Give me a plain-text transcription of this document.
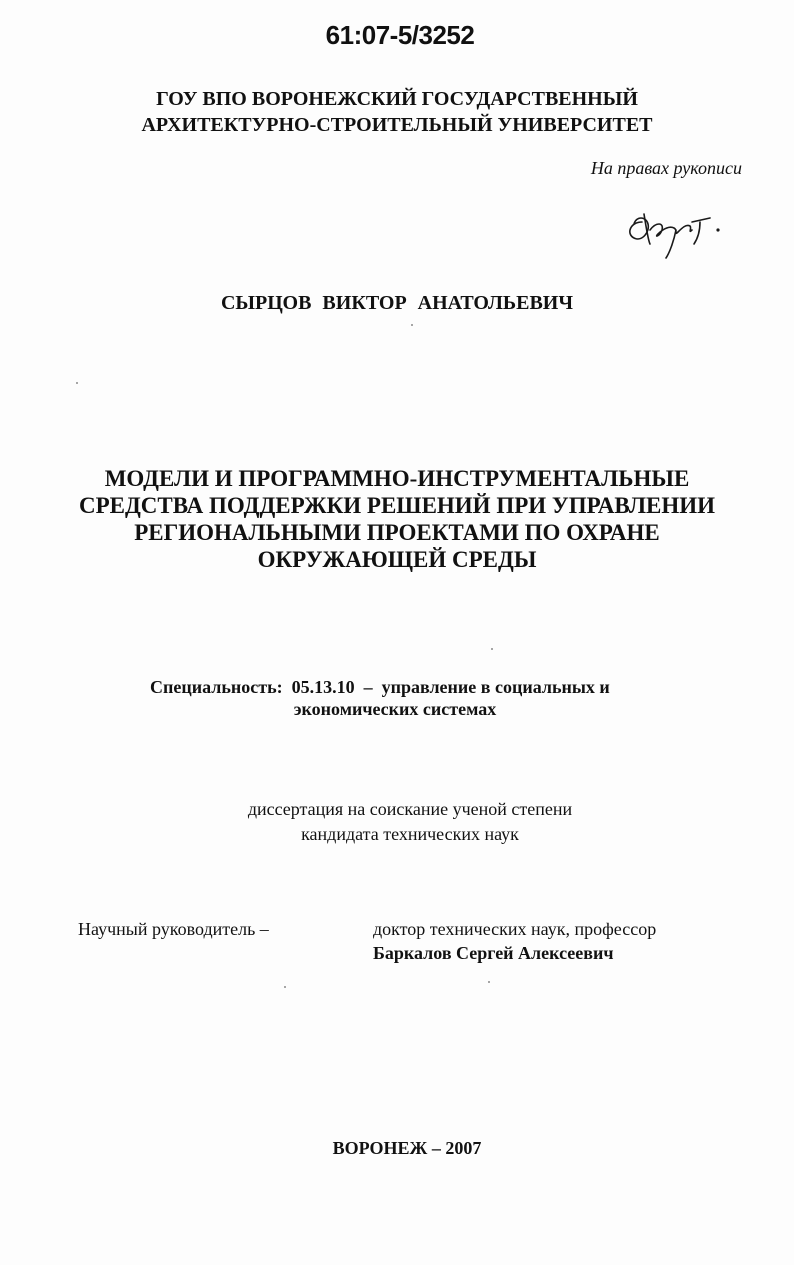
61:07-5/3252
ГОУ ВПО ВОРОНЕЖСКИЙ ГОСУДАРСТВЕННЫЙ
АРХИТЕКТУРНО-СТРОИТЕЛЬНЫЙ УНИВЕРСИТЕТ
На правах рукописи
СЫРЦОВ ВИКТОР АНАТОЛЬЕВИЧ
МОДЕЛИ И ПРОГРАММНО-ИНСТРУМЕНТАЛЬНЫЕ
СРЕДСТВА ПОДДЕРЖКИ РЕШЕНИЙ ПРИ УПРАВЛЕНИИ
РЕГИОНАЛЬНЫМИ ПРОЕКТАМИ ПО ОХРАНЕ
ОКРУЖАЮЩЕЙ СРЕДЫ
Специальность:  05.13.10  –  управление в социальных и
экономических системах
диссертация на соискание ученой степени
кандидата технических наук
Научный руководитель –	доктор технических наук, профессор
Баркалов Сергей Алексеевич
ВОРОНЕЖ – 2007
